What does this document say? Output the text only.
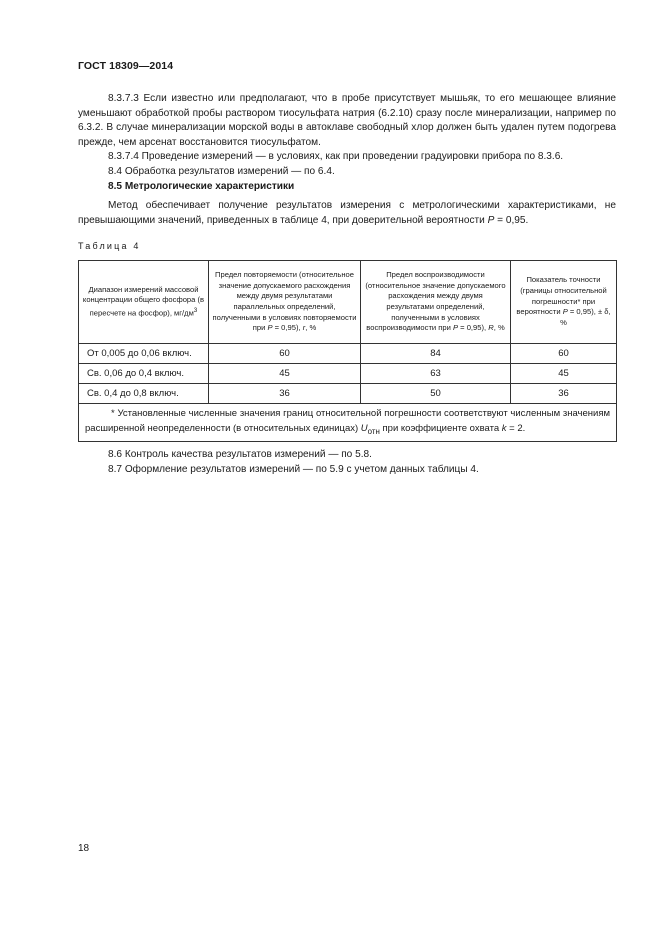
ГОСТ 18309—2014

8.3.7.3 Если известно или предполагают, что в пробе присутствует мышьяк, то его мешающее влияние уменьшают обработкой пробы раствором тиосульфата натрия (6.2.10) сразу после минерализации, например по 6.3.2. В случае минерализации морской воды в автоклаве свободный хлор должен быть удален путем подогрева прежде, чем арсенат восстановится тиосульфатом.

8.3.7.4 Проведение измерений — в условиях, как при проведении градуировки прибора по 8.3.6.

8.4 Обработка результатов измерений — по 6.4.

8.5 Метрологические характеристики

Метод обеспечивает получение результатов измерения с метрологическими характеристиками, не превышающими значений, приведенных в таблице 4, при доверительной вероятности P = 0,95.

Таблица 4
Диапазон измерений массовой концентрации общего фосфора (в пересчете на фосфор), $мг/дм^3$	Предел повторяемости (относительное значение допускаемого расхождения между двумя результатами параллельных определений, полученными в условиях повторяемости при P = 0,95), r, %	Предел воспроизводимости (относительное значение допускаемого расхождения между двумя результатами определений, полученными в условиях воспроизводимости при P = 0,95), R, %	Показатель точности (границы относительной погрешности* при вероятности P = 0,95), ± δ, %
От 0,005 до 0,06 включ.	60	84	60
Св. 0,06 до 0,4 включ.	45	63	45
Св. 0,4 до 0,8 включ.	36	50	36
* Установленные численные значения границ относительной погрешности соответствуют численным значениям расширенной неопределенности (в относительных единицах) $U_{отн}$ при коэффициенте охвата k = 2.			

8.6 Контроль качества результатов измерений — по 5.8.

8.7 Оформление результатов измерений — по 5.9 с учетом данных таблицы 4.

18
